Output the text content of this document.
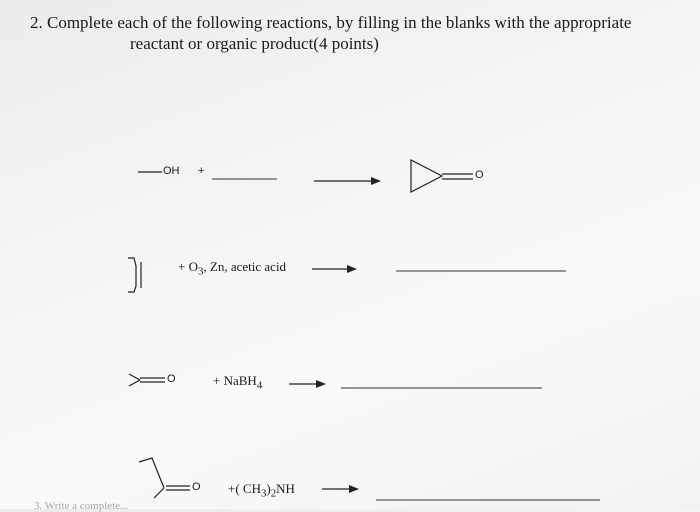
2. Complete each of the following reactions, by filling in the blanks with the appropriate
reactant or organic product(4 points)
OH +	O
+ $O_3$, Zn, acetic acid
O	+ NaBH$_4$
O +( $CH_3)_2NH$
3. Write a complete...
